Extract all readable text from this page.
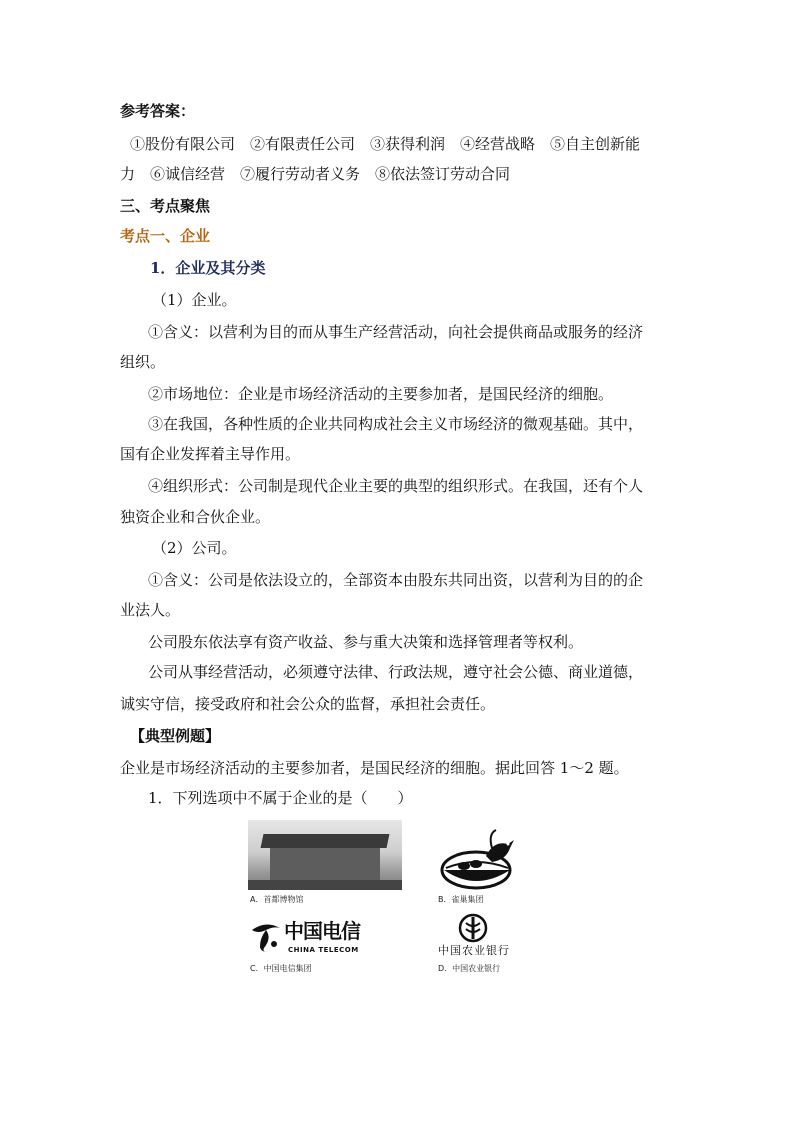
参考答案：
①股份有限公司　②有限责任公司　③获得利润　④经营战略　⑤自主创新能
力　⑥诚信经营　⑦履行劳动者义务　⑧依法签订劳动合同
三、考点聚焦
考点一、企业
1．企业及其分类
（1）企业。
①含义：以营利为目的而从事生产经营活动，向社会提供商品或服务的经济
组织。
②市场地位：企业是市场经济活动的主要参加者，是国民经济的细胞。
③在我国，各种性质的企业共同构成社会主义市场经济的微观基础。其中，
国有企业发挥着主导作用。
④组织形式：公司制是现代企业主要的典型的组织形式。在我国，还有个人
独资企业和合伙企业。
（2）公司。
①含义：公司是依法设立的，全部资本由股东共同出资，以营利为目的的企
业法人。
公司股东依法享有资产收益、参与重大决策和选择管理者等权利。
公司从事经营活动，必须遵守法律、行政法规，遵守社会公德、商业道德，
诚实守信，接受政府和社会公众的监督，承担社会责任。
【典型例题】
企业是市场经济活动的主要参加者，是国民经济的细胞。据此回答 1～2 题。
1．下列选项中不属于企业的是（　　）
A．首都博物馆	B．雀巢集团
中国电信
CHINA TELECOM
C．中国电信集团
中国农业银行
D．中国农业银行
